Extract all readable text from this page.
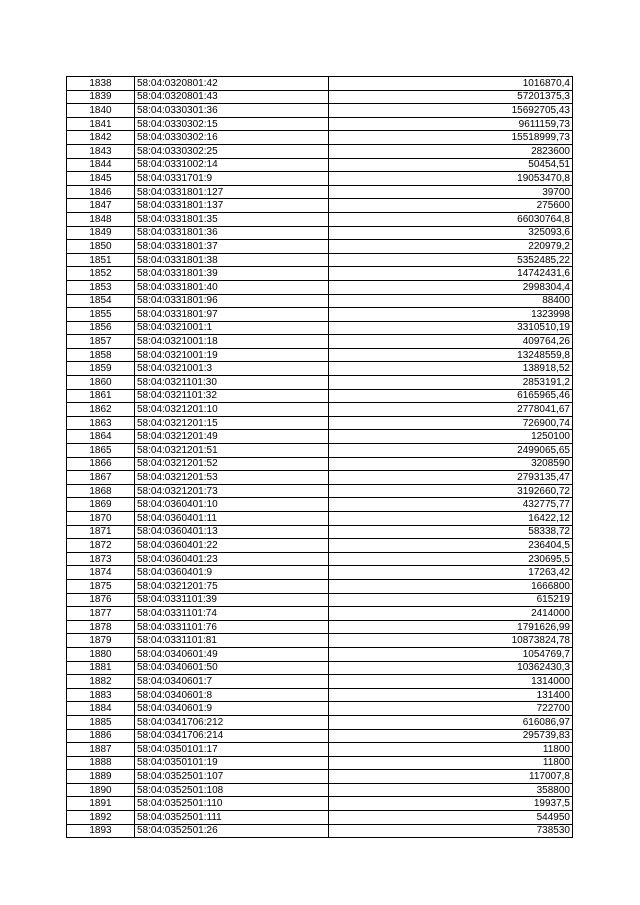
1838	58:04:0320801:42	1016870,4
1839	58:04:0320801:43	57201375,3
1840	58:04:0330301:36	15692705,43
1841	58:04:0330302:15	9611159,73
1842	58:04:0330302:16	15518999,73
1843	58:04:0330302:25	2823600
1844	58:04:0331002:14	50454,51
1845	58:04:0331701:9	19053470,8
1846	58:04:0331801:127	39700
1847	58:04:0331801:137	275600
1848	58:04:0331801:35	66030764,8
1849	58:04:0331801:36	325093,6
1850	58:04:0331801:37	220979,2
1851	58:04:0331801:38	5352485,22
1852	58:04:0331801:39	14742431,6
1853	58:04:0331801:40	2998304,4
1854	58:04:0331801:96	88400
1855	58:04:0331801:97	1323998
1856	58:04:0321001:1	3310510,19
1857	58:04:0321001:18	409764,26
1858	58:04:0321001:19	13248559,8
1859	58:04:0321001:3	138918,52
1860	58:04:0321101:30	2853191,2
1861	58:04:0321101:32	6165965,46
1862	58:04:0321201:10	2778041,67
1863	58:04:0321201:15	726900,74
1864	58:04:0321201:49	1250100
1865	58:04:0321201:51	2499065,65
1866	58:04:0321201:52	3208590
1867	58:04:0321201:53	2793135,47
1868	58:04:0321201:73	3192660,72
1869	58:04:0360401:10	432775,77
1870	58:04:0360401:11	16422,12
1871	58:04:0360401:13	58338,72
1872	58:04:0360401:22	236404,5
1873	58:04:0360401:23	230695,5
1874	58:04:0360401:9	17263,42
1875	58:04:0321201:75	1666800
1876	58:04:0331101:39	615219
1877	58:04:0331101:74	2414000
1878	58:04:0331101:76	1791626,99
1879	58:04:0331101:81	10873824,78
1880	58:04:0340601:49	1054769,7
1881	58:04:0340601:50	10362430,3
1882	58:04:0340601:7	1314000
1883	58:04:0340601:8	131400
1884	58:04:0340601:9	722700
1885	58:04:0341706:212	616086,97
1886	58:04:0341706:214	295739,83
1887	58:04:0350101:17	11800
1888	58:04:0350101:19	11800
1889	58:04:0352501:107	117007,8
1890	58:04:0352501:108	358800
1891	58:04:0352501:110	19937,5
1892	58:04:0352501:111	544950
1893	58:04:0352501:26	738530
